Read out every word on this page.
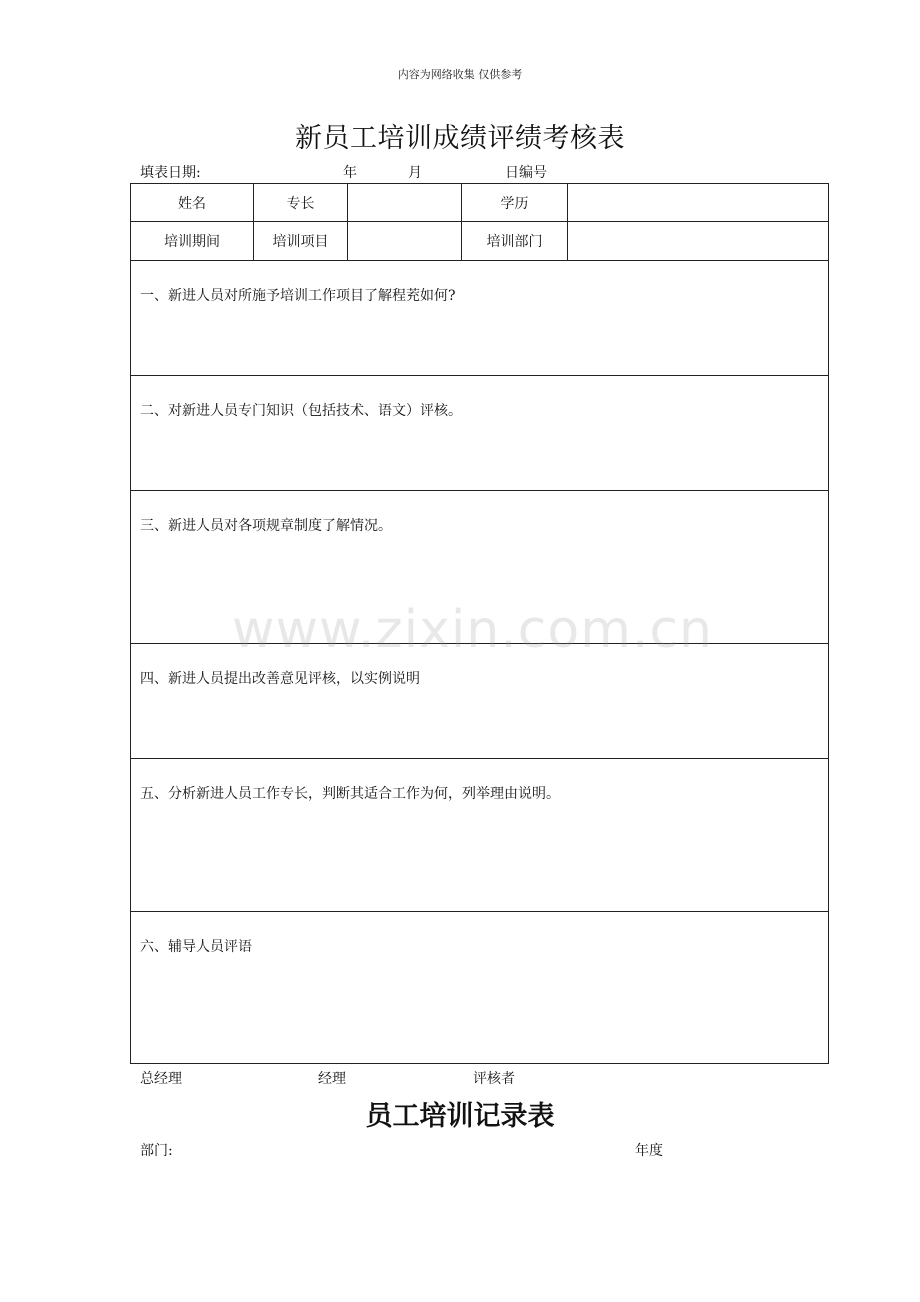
内容为网络收集 仅供参考
新员工培训成绩评绩考核表
填表日期:	年	月	日编号
姓名	专长		学历	
培训期间	培训项目		培训部门	

一、新进人员对所施予培训工作项目了解程茺如何?				

二、对新进人员专门知识（包括技术、语文）评核。				

三、新进人员对各项规章制度了解情况。				

四、新进人员提出改善意见评核，以实例说明				

五、分析新进人员工作专长，判断其适合工作为何，列举理由说明。				

六、辅导人员评语				
总经理	经理	评核者
员工培训记录表
部门:	年度
www.zixin.com.cn
